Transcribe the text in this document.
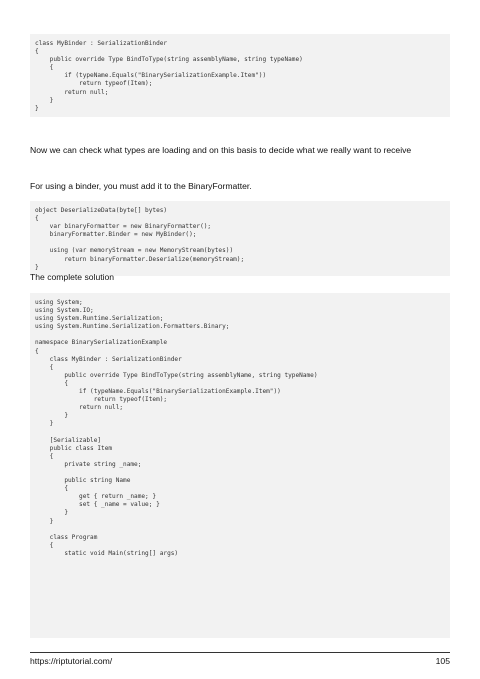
class MyBinder : SerializationBinder
{
public override Type BindToType(string assemblyName, string typeName)
{
if (typeName.Equals("BinarySerializationExample.Item"))
return typeof(Item);
return null;
}
}
Now we can check what types are loading and on this basis to decide what we really want to receive
For using a binder, you must add it to the BinaryFormatter.
object DeserializeData(byte[] bytes)
{
var binaryFormatter = new BinaryFormatter();
binaryFormatter.Binder = new MyBinder();

using (var memoryStream = new MemoryStream(bytes))
return binaryFormatter.Deserialize(memoryStream);
}
The complete solution
using System;
using System.IO;
using System.Runtime.Serialization;
using System.Runtime.Serialization.Formatters.Binary;

namespace BinarySerializationExample
{
class MyBinder : SerializationBinder
{
public override Type BindToType(string assemblyName, string typeName)
{
if (typeName.Equals("BinarySerializationExample.Item"))
return typeof(Item);
return null;
}
}

[Serializable]
public class Item
{
private string _name;

public string Name
{
get { return _name; }
set { _name = value; }
}
}

class Program
{
static void Main(string[] args)
https://riptutorial.com/	105
